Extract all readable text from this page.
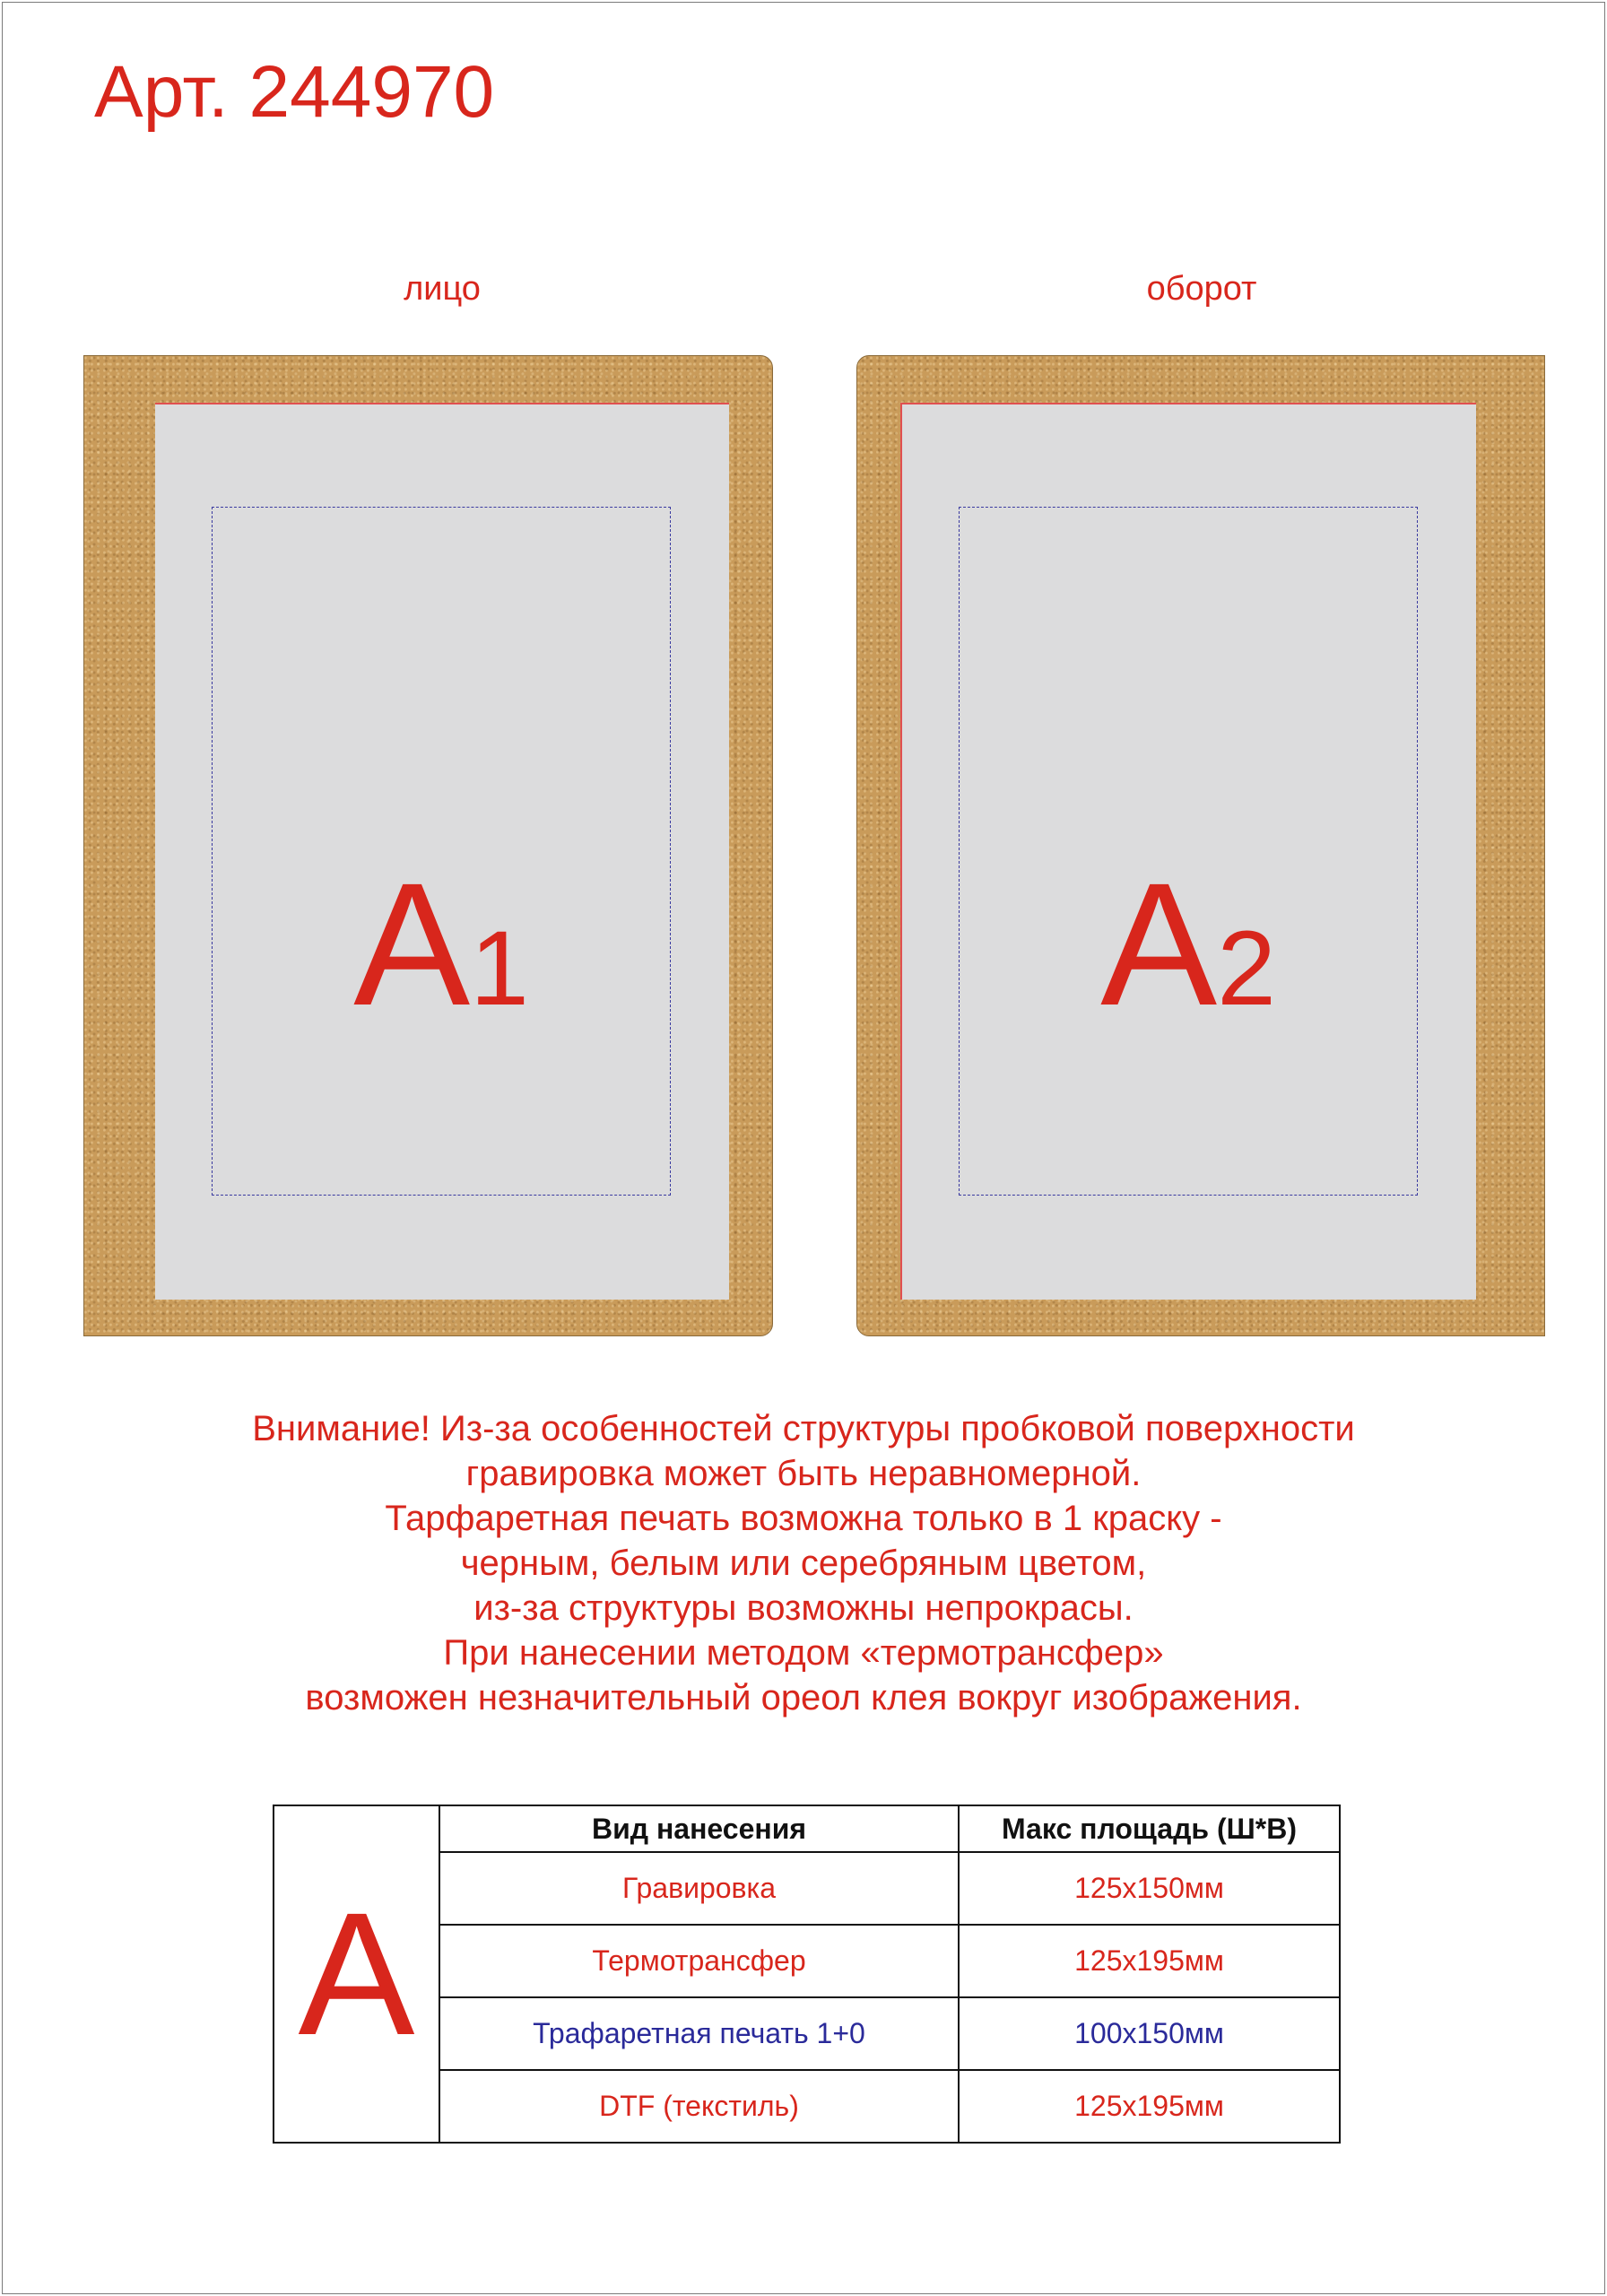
Арт. 244970
лицо	оборот
A1	A2
Внимание! Из-за особенностей структуры пробковой поверхности
гравировка может быть неравномерной.
Тарфаретная печать возможна только в 1 краску -
черным, белым или серебряным цветом,
из-за структуры возможны непрокрасы.
При нанесении методом «термотрансфер»
возможен незначительный ореол клея вокруг изображения.
A	Вид нанесения	Макс площадь (Ш*В)
	Гравировка	125x150мм
	Термотрансфер	125x195мм
	Трафаретная печать 1+0	100x150мм
	DTF (текстиль)	125x195мм
